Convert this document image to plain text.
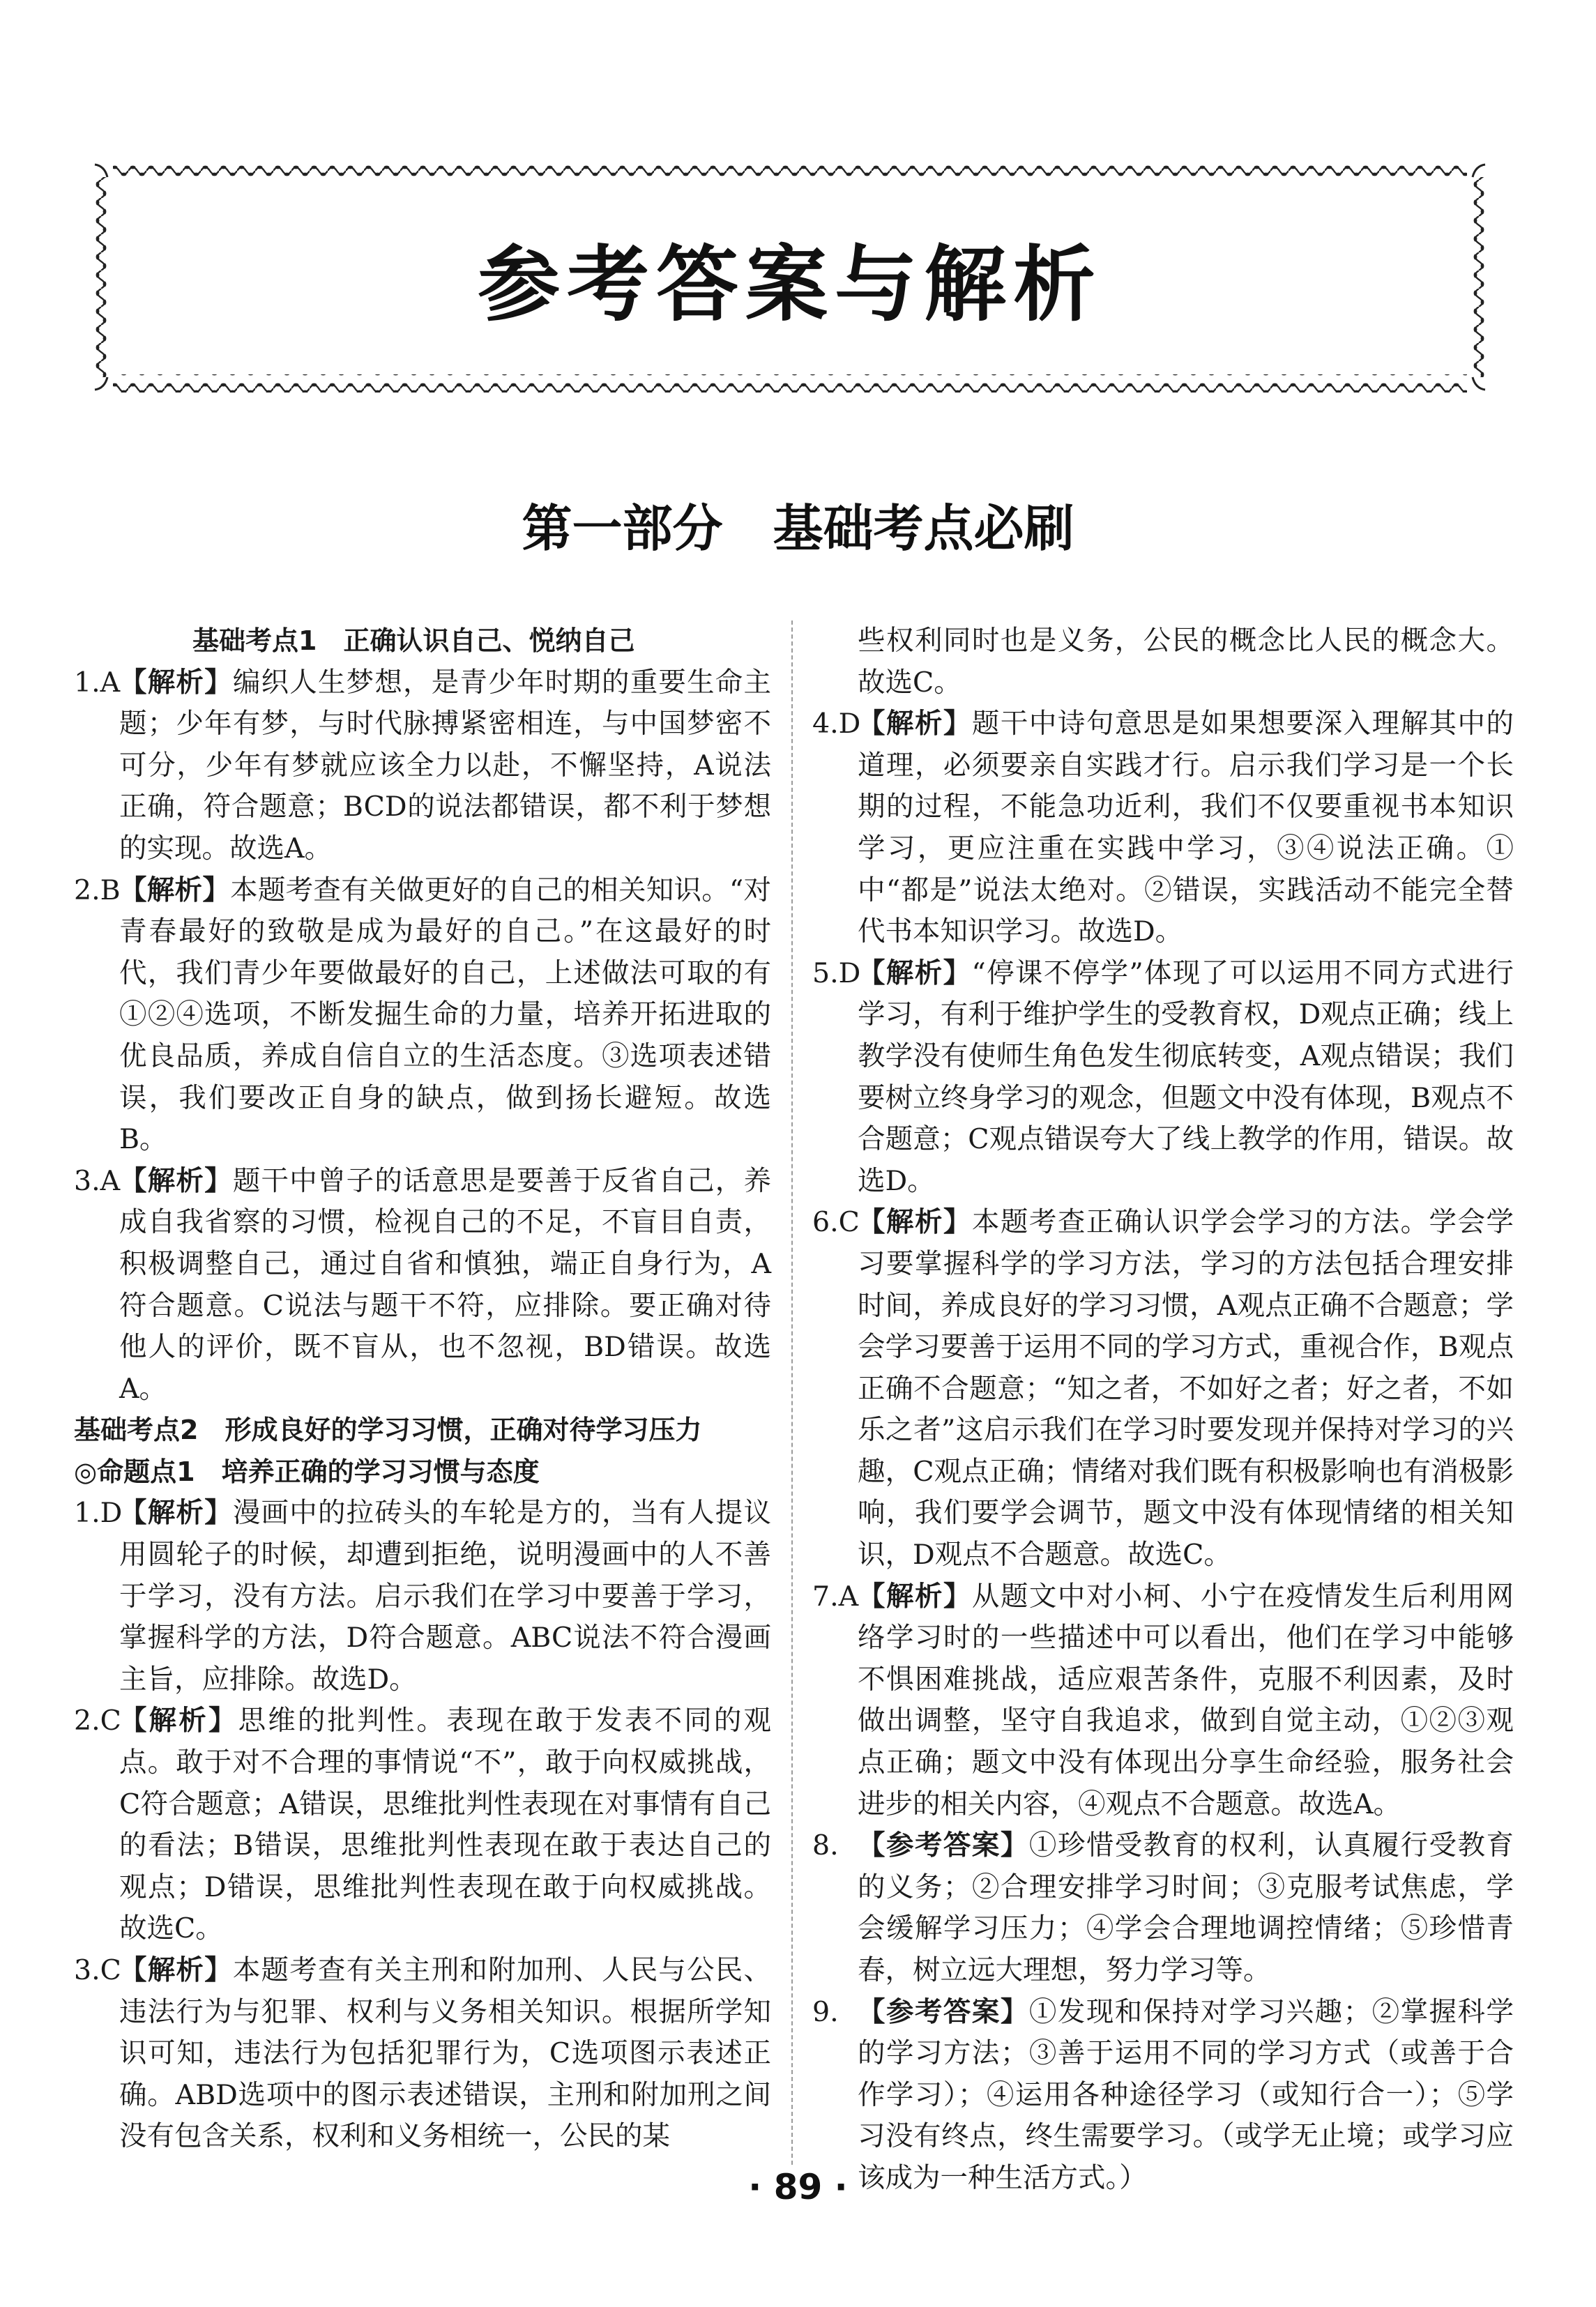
参考答案与解析
第一部分　基础考点必刷
基础考点1　正确认识自己、悦纳自己
1.A
【解析】编织人生梦想，是青少年时期的重要生命主题；少年有梦，与时代脉搏紧密相连，与中国梦密不可分，少年有梦就应该全力以赴，不懈坚持，A说法正确，符合题意；BCD的说法都错误，都不利于梦想的实现。故选A。
2.B
【解析】本题考查有关做更好的自己的相关知识。“对青春最好的致敬是成为最好的自己。”在这最好的时代，我们青少年要做最好的自己，上述做法可取的有①②④选项，不断发掘生命的力量，培养开拓进取的优良品质，养成自信自立的生活态度。③选项表述错误，我们要改正自身的缺点，做到扬长避短。故选B。
3.A
【解析】题干中曾子的话意思是要善于反省自己，养成自我省察的习惯，检视自己的不足，不盲目自责，积极调整自己，通过自省和慎独，端正自身行为，A符合题意。C说法与题干不符，应排除。要正确对待他人的评价，既不盲从，也不忽视，BD错误。故选A。
基础考点2　形成良好的学习习惯，正确对待学习压力
◎命题点1　培养正确的学习习惯与态度
1.D
【解析】漫画中的拉砖头的车轮是方的，当有人提议用圆轮子的时候，却遭到拒绝，说明漫画中的人不善于学习，没有方法。启示我们在学习中要善于学习，掌握科学的方法，D符合题意。ABC说法不符合漫画主旨，应排除。故选D。
2.C
【解析】思维的批判性。表现在敢于发表不同的观点。敢于对不合理的事情说“不”，敢于向权威挑战，C符合题意；A错误，思维批判性表现在对事情有自己的看法；B错误，思维批判性表现在敢于表达自己的观点；D错误，思维批判性表现在敢于向权威挑战。故选C。
3.C
【解析】本题考查有关主刑和附加刑、人民与公民、违法行为与犯罪、权利与义务相关知识。根据所学知识可知，违法行为包括犯罪行为，C选项图示表述正确。ABD选项中的图示表述错误，主刑和附加刑之间没有包含关系，权利和义务相统一，公民的某
些权利同时也是义务，公民的概念比人民的概念大。故选C。
4.D
【解析】题干中诗句意思是如果想要深入理解其中的道理，必须要亲自实践才行。启示我们学习是一个长期的过程，不能急功近利，我们不仅要重视书本知识学习，更应注重在实践中学习，③④说法正确。①中“都是”说法太绝对。②错误，实践活动不能完全替代书本知识学习。故选D。
5.D
【解析】“停课不停学”体现了可以运用不同方式进行学习，有利于维护学生的受教育权，D观点正确；线上教学没有使师生角色发生彻底转变，A观点错误；我们要树立终身学习的观念，但题文中没有体现，B观点不合题意；C观点错误夸大了线上教学的作用，错误。故选D。
6.C
【解析】本题考查正确认识学会学习的方法。学会学习要掌握科学的学习方法，学习的方法包括合理安排时间，养成良好的学习习惯，A观点正确不合题意；学会学习要善于运用不同的学习方式，重视合作，B观点正确不合题意；“知之者，不如好之者；好之者，不如乐之者”这启示我们在学习时要发现并保持对学习的兴趣，C观点正确；情绪对我们既有积极影响也有消极影响，我们要学会调节，题文中没有体现情绪的相关知识，D观点不合题意。故选C。
7.A
【解析】从题文中对小柯、小宁在疫情发生后利用网络学习时的一些描述中可以看出，他们在学习中能够不惧困难挑战，适应艰苦条件，克服不利因素，及时做出调整，坚守自我追求，做到自觉主动，①②③观点正确；题文中没有体现出分享生命经验，服务社会进步的相关内容，④观点不合题意。故选A。
8. 【参考答案】①珍惜受教育的权利，认真履行受教育的义务；②合理安排学习时间；③克服考试焦虑，学会缓解学习压力；④学会合理地调控情绪；⑤珍惜青春，树立远大理想，努力学习等。
9. 【参考答案】①发现和保持对学习兴趣；②掌握科学的学习方法；③善于运用不同的学习方式（或善于合作学习）；④运用各种途径学习（或知行合一）；⑤学习没有终点，终生需要学习。（或学无止境；或学习应该成为一种生活方式。）
· 89 ·
